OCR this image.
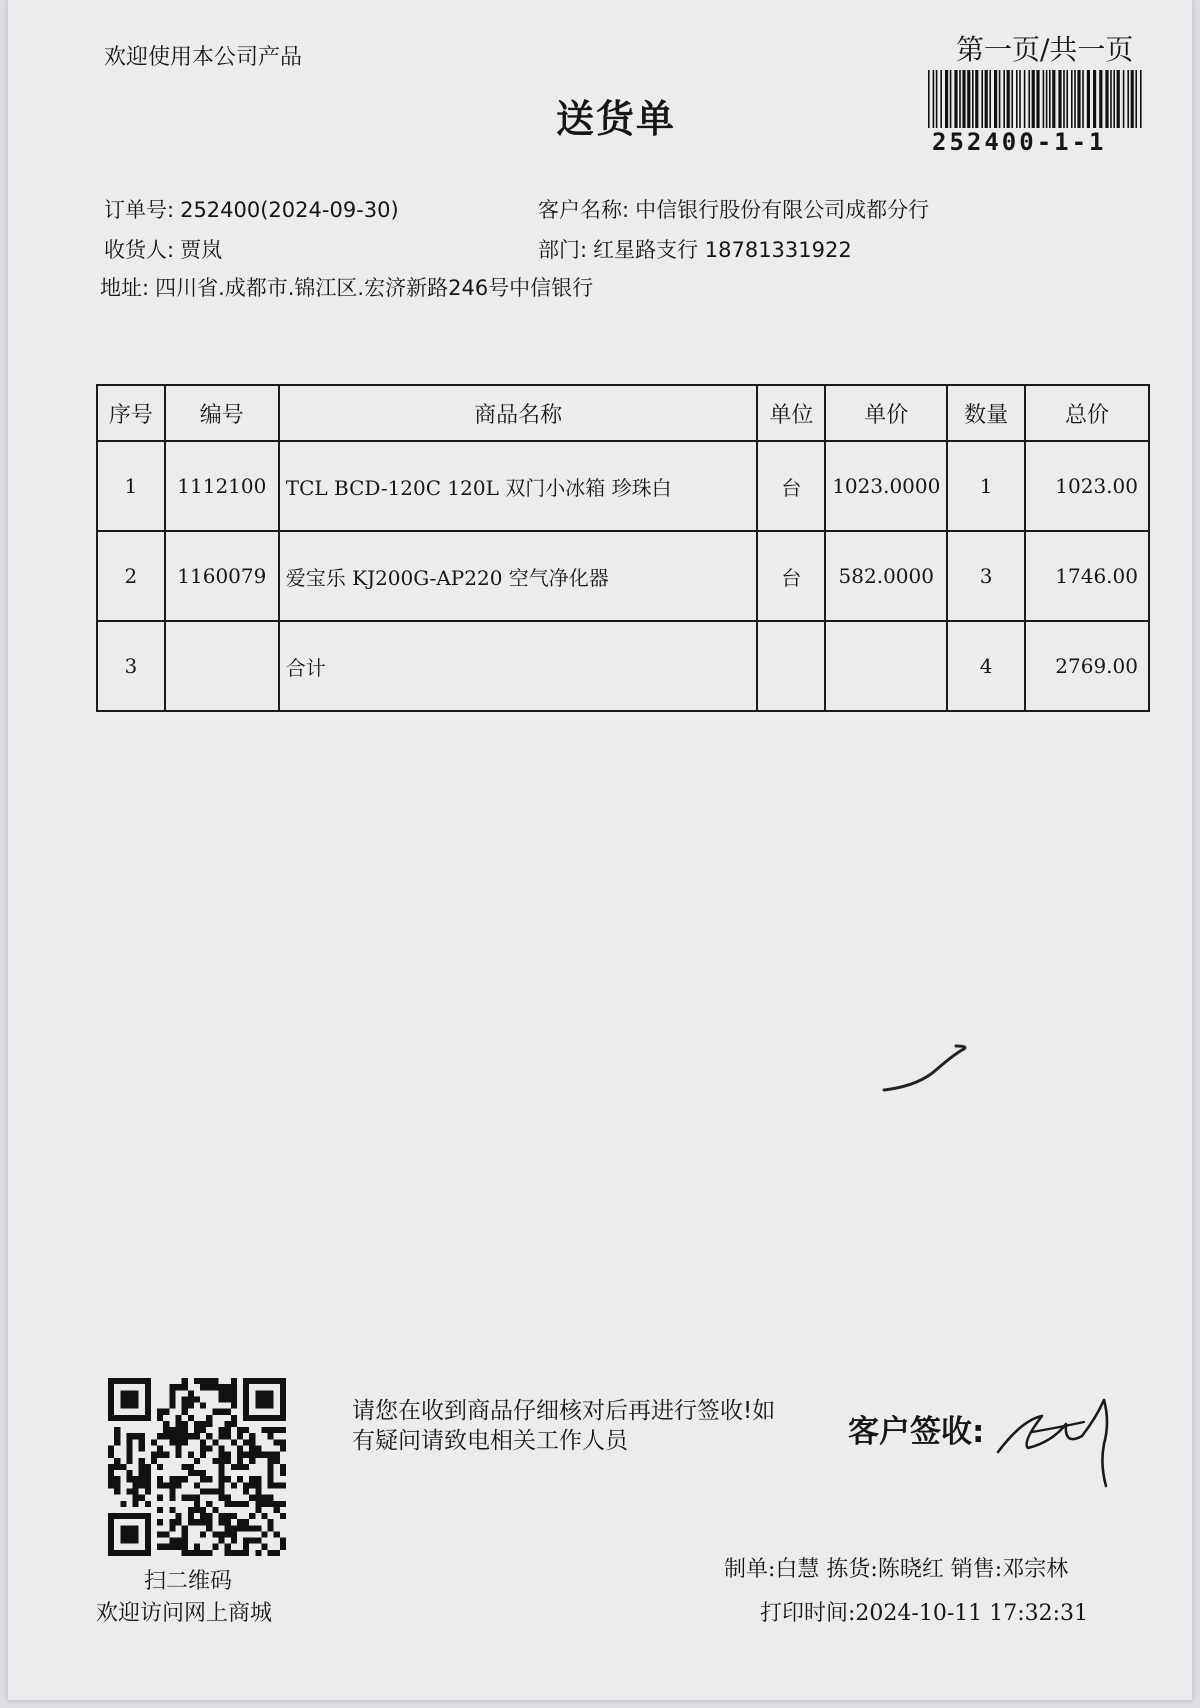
欢迎使用本公司产品	第一页/共一页
送货单
252400-1-1
订单号: 252400(2024-09-30)	客户名称: 中信银行股份有限公司成都分行
收货人: 贾岚	部门: 红星路支行 18781331922
地址: 四川省.成都市.锦江区.宏济新路246号中信银行
序号	编号	商品名称	单位	单价	数量	总价
1	1112100	TCL BCD-120C 120L 双门小冰箱 珍珠白	台	1023.0000	1	1023.00
2	1160079	爱宝乐 KJ200G-AP220 空气净化器	台	582.0000	3	1746.00
3		合计			4	2769.00
扫二维码
欢迎访问网上商城
请您在收到商品仔细核对后再进行签收!如有疑问请致电相关工作人员	客户签收:
制单:白慧 拣货:陈晓红 销售:邓宗林
打印时间:2024-10-11 17:32:31
